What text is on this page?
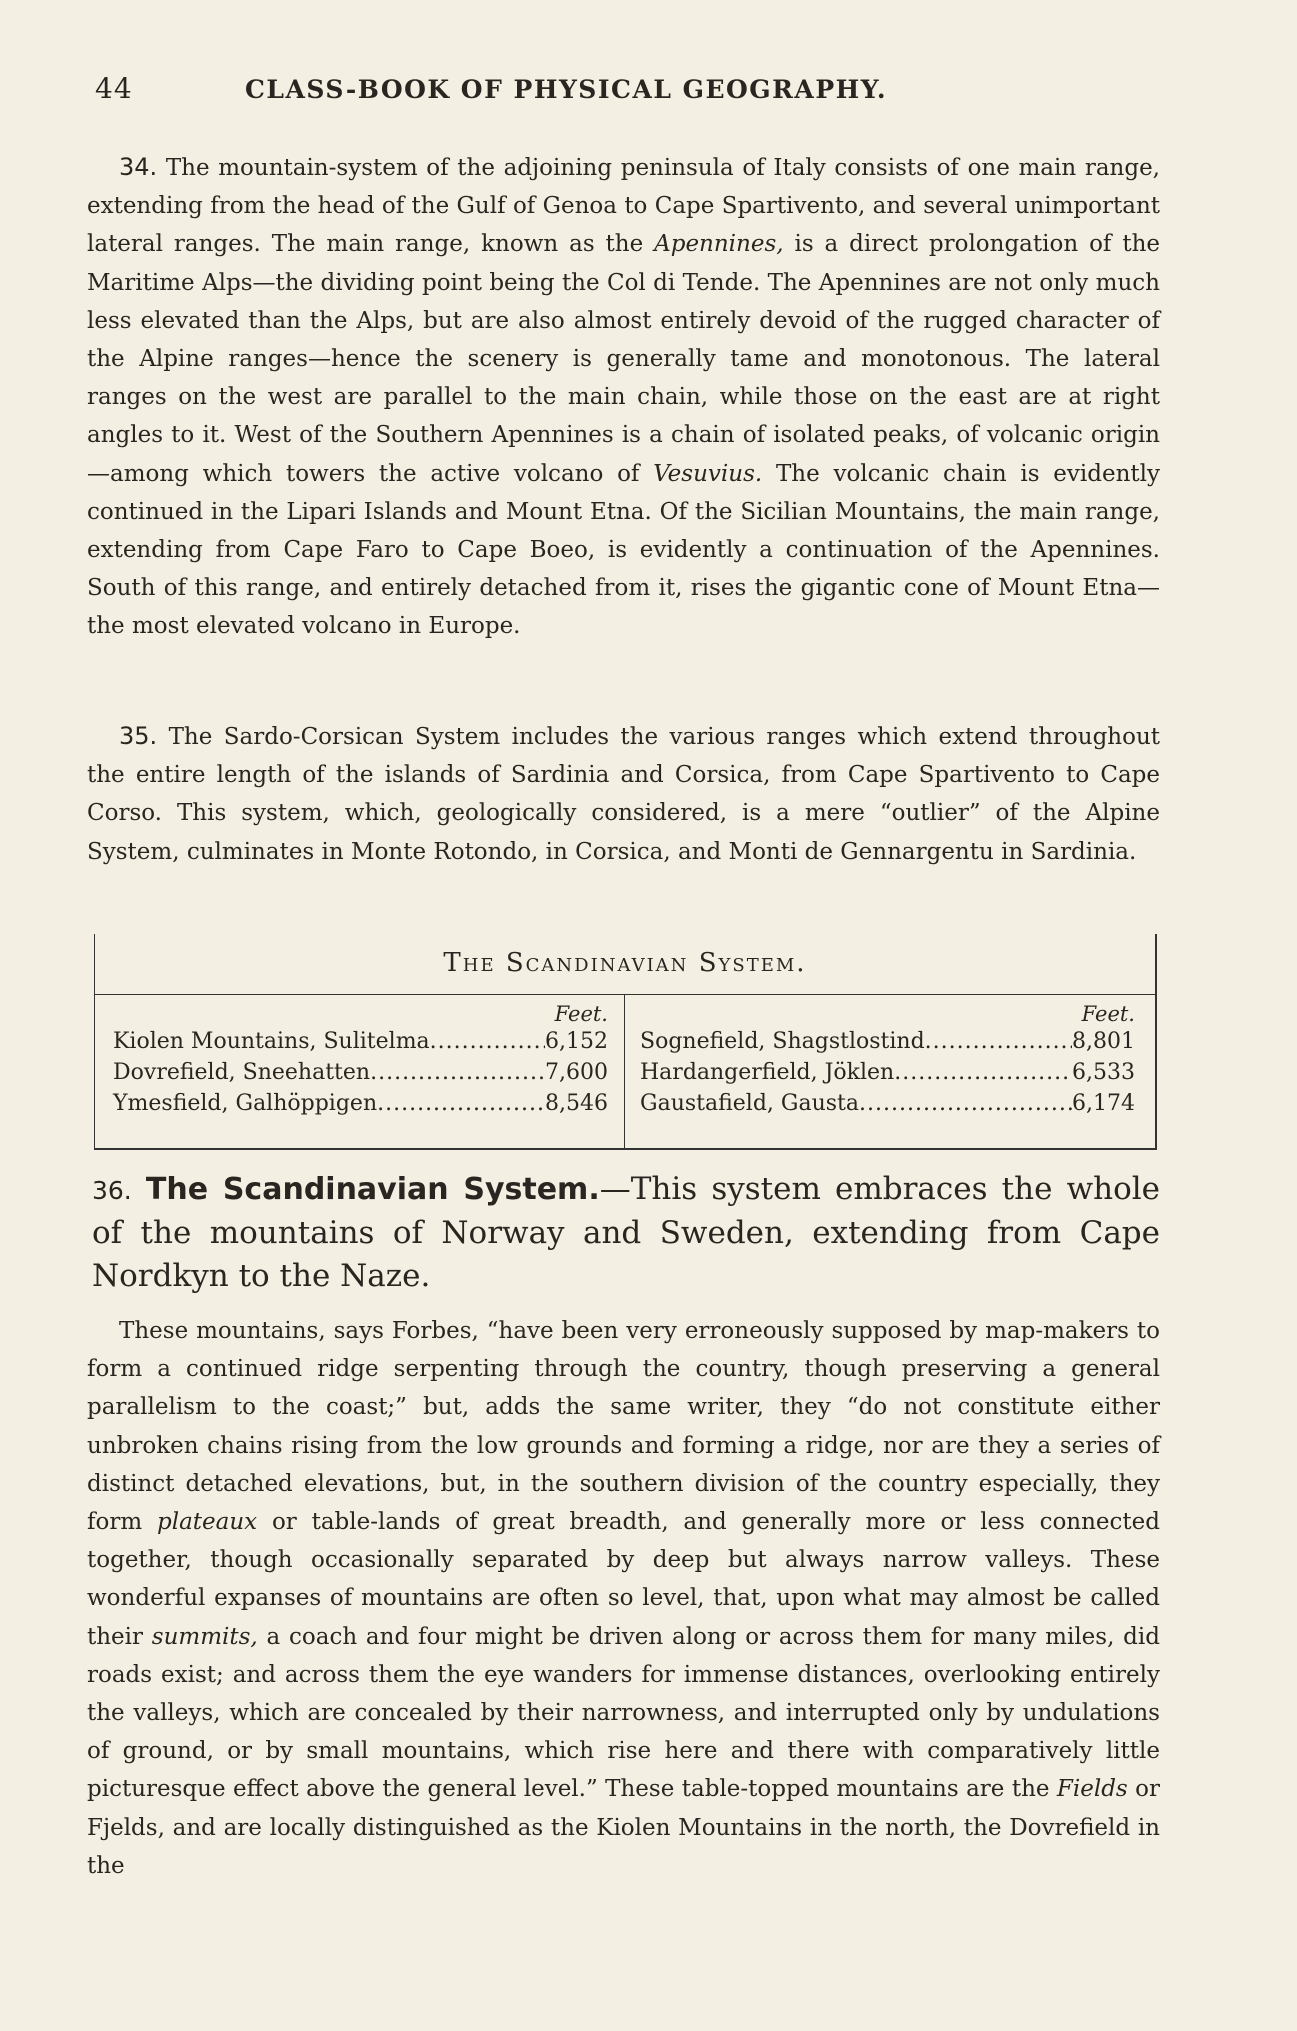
44	CLASS-BOOK OF PHYSICAL GEOGRAPHY.

34. The mountain-system of the adjoining peninsula of Italy consists of one main range, extending from the head of the Gulf of Genoa to Cape Spartivento, and several unimportant lateral ranges. The main range, known as the Apennines, is a direct prolongation of the Maritime Alps—the dividing point being the Col di Tende. The Apennines are not only much less elevated than the Alps, but are also almost entirely devoid of the rugged character of the Alpine ranges—hence the scenery is generally tame and monotonous. The lateral ranges on the west are parallel to the main chain, while those on the east are at right angles to it. West of the Southern Apennines is a chain of isolated peaks, of volcanic origin—among which towers the active volcano of Vesuvius. The volcanic chain is evidently continued in the Lipari Islands and Mount Etna. Of the Sicilian Mountains, the main range, extending from Cape Faro to Cape Boeo, is evidently a continuation of the Apennines. South of this range, and entirely detached from it, rises the gigantic cone of Mount Etna—the most elevated volcano in Europe.

35. The Sardo-Corsican System includes the various ranges which extend throughout the entire length of the islands of Sardinia and Corsica, from Cape Spartivento to Cape Corso. This system, which, geologically considered, is a mere “outlier” of the Alpine System, culminates in Monte Rotondo, in Corsica, and Monti de Gennargentu in Sardinia.

The Scandinavian System.
Feet.
Kiolen Mountains, Sulitelma .....	6,152
Dovrefield, Sneehatten .....	7,600
Ymesfield, Galhöppigen .....	8,546
Feet.
Sognefield, Shagstlostind .....	8,801
Hardangerfield, Jöklen .....	6,533
Gaustafield, Gausta .....	6,174

36. The Scandinavian System.—This system embraces the whole of the mountains of Norway and Sweden, extending from Cape Nordkyn to the Naze.

These mountains, says Forbes, “have been very erroneously supposed by map-makers to form a continued ridge serpenting through the country, though preserving a general parallelism to the coast;” but, adds the same writer, they “do not constitute either unbroken chains rising from the low grounds and forming a ridge, nor are they a series of distinct detached elevations, but, in the southern division of the country especially, they form plateaux or table-lands of great breadth, and generally more or less connected together, though occasionally separated by deep but always narrow valleys. These wonderful expanses of mountains are often so level, that, upon what may almost be called their summits, a coach and four might be driven along or across them for many miles, did roads exist; and across them the eye wanders for immense distances, overlooking entirely the valleys, which are concealed by their narrowness, and interrupted only by undulations of ground, or by small mountains, which rise here and there with comparatively little picturesque effect above the general level.” These table-topped mountains are the Fields or Fjelds, and are locally distinguished as the Kiolen Mountains in the north, the Dovrefield in the
